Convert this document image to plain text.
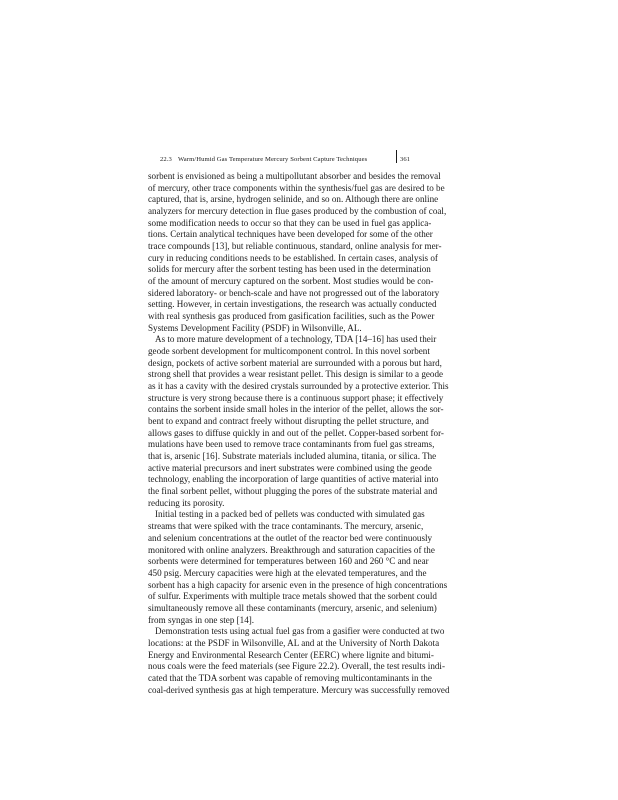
22.3 Warm/Humid Gas Temperature Mercury Sorbent Capture Techniques	361
sorbent is envisioned as being a multipollutant absorber and besides the removal
of mercury, other trace components within the synthesis/fuel gas are desired to be
captured, that is, arsine, hydrogen selinide, and so on. Although there are online
analyzers for mercury detection in flue gases produced by the combustion of coal,
some modification needs to occur so that they can be used in fuel gas applica-
tions. Certain analytical techniques have been developed for some of the other
trace compounds [13], but reliable continuous, standard, online analysis for mer-
cury in reducing conditions needs to be established. In certain cases, analysis of
solids for mercury after the sorbent testing has been used in the determination
of the amount of mercury captured on the sorbent. Most studies would be con-
sidered laboratory- or bench-scale and have not progressed out of the laboratory
setting. However, in certain investigations, the research was actually conducted
with real synthesis gas produced from gasification facilities, such as the Power
Systems Development Facility (PSDF) in Wilsonville, AL.
As to more mature development of a technology, TDA [14–16] has used their
geode sorbent development for multicomponent control. In this novel sorbent
design, pockets of active sorbent material are surrounded with a porous but hard,
strong shell that provides a wear resistant pellet. This design is similar to a geode
as it has a cavity with the desired crystals surrounded by a protective exterior. This
structure is very strong because there is a continuous support phase; it effectively
contains the sorbent inside small holes in the interior of the pellet, allows the sor-
bent to expand and contract freely without disrupting the pellet structure, and
allows gases to diffuse quickly in and out of the pellet. Copper-based sorbent for-
mulations have been used to remove trace contaminants from fuel gas streams,
that is, arsenic [16]. Substrate materials included alumina, titania, or silica. The
active material precursors and inert substrates were combined using the geode
technology, enabling the incorporation of large quantities of active material into
the final sorbent pellet, without plugging the pores of the substrate material and
reducing its porosity.
Initial testing in a packed bed of pellets was conducted with simulated gas
streams that were spiked with the trace contaminants. The mercury, arsenic,
and selenium concentrations at the outlet of the reactor bed were continuously
monitored with online analyzers. Breakthrough and saturation capacities of the
sorbents were determined for temperatures between 160 and 260 °C and near
450 psig. Mercury capacities were high at the elevated temperatures, and the
sorbent has a high capacity for arsenic even in the presence of high concentrations
of sulfur. Experiments with multiple trace metals showed that the sorbent could
simultaneously remove all these contaminants (mercury, arsenic, and selenium)
from syngas in one step [14].
Demonstration tests using actual fuel gas from a gasifier were conducted at two
locations: at the PSDF in Wilsonville, AL and at the University of North Dakota
Energy and Environmental Research Center (EERC) where lignite and bitumi-
nous coals were the feed materials (see Figure 22.2). Overall, the test results indi-
cated that the TDA sorbent was capable of removing multicontaminants in the
coal-derived synthesis gas at high temperature. Mercury was successfully removed
